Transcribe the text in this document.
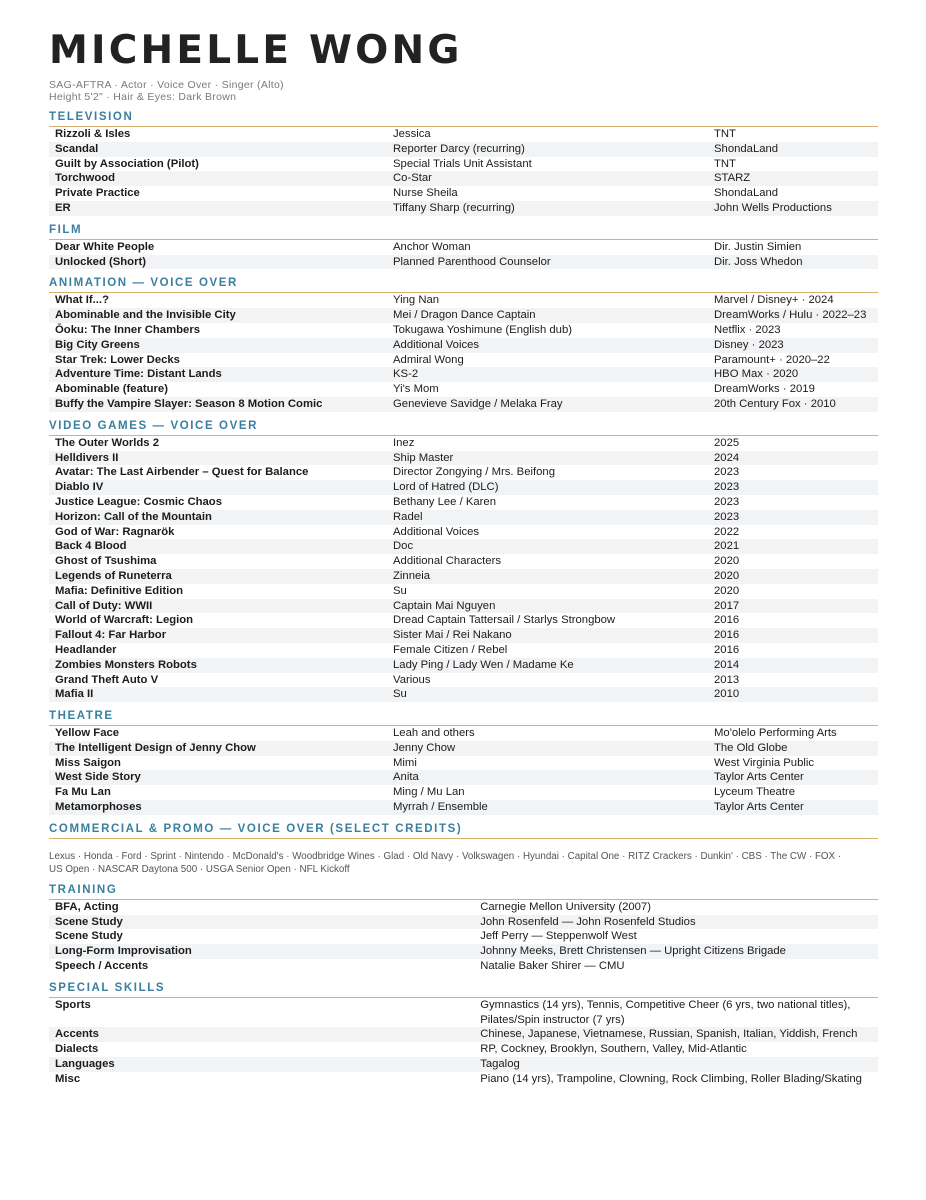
MICHELLE WONG
SAG-AFTRA · Actor · Voice Over · Singer (Alto)
Height 5'2" · Hair & Eyes: Dark Brown
TELEVISION
Rizzoli & Isles	Jessica	TNT
Scandal	Reporter Darcy (recurring)	ShondaLand
Guilt by Association (Pilot)	Special Trials Unit Assistant	TNT
Torchwood	Co-Star	STARZ
Private Practice	Nurse Sheila	ShondaLand
ER	Tiffany Sharp (recurring)	John Wells Productions
FILM
Dear White People	Anchor Woman	Dir. Justin Simien
Unlocked (Short)	Planned Parenthood Counselor	Dir. Joss Whedon
ANIMATION — VOICE OVER
What If...?	Ying Nan	Marvel / Disney+ · 2024
Abominable and the Invisible City	Mei / Dragon Dance Captain	DreamWorks / Hulu · 2022–23
Ōoku: The Inner Chambers	Tokugawa Yoshimune (English dub)	Netflix · 2023
Big City Greens	Additional Voices	Disney · 2023
Star Trek: Lower Decks	Admiral Wong	Paramount+ · 2020–22
Adventure Time: Distant Lands	KS-2	HBO Max · 2020
Abominable (feature)	Yi's Mom	DreamWorks · 2019
Buffy the Vampire Slayer: Season 8 Motion Comic	Genevieve Savidge / Melaka Fray	20th Century Fox · 2010
VIDEO GAMES — VOICE OVER
The Outer Worlds 2	Inez	2025
Helldivers II	Ship Master	2024
Avatar: The Last Airbender – Quest for Balance	Director Zongying / Mrs. Beifong	2023
Diablo IV	Lord of Hatred (DLC)	2023
Justice League: Cosmic Chaos	Bethany Lee / Karen	2023
Horizon: Call of the Mountain	Radel	2023
God of War: Ragnarök	Additional Voices	2022
Back 4 Blood	Doc	2021
Ghost of Tsushima	Additional Characters	2020
Legends of Runeterra	Zinneia	2020
Mafia: Definitive Edition	Su	2020
Call of Duty: WWII	Captain Mai Nguyen	2017
World of Warcraft: Legion	Dread Captain Tattersail / Starlys Strongbow	2016
Fallout 4: Far Harbor	Sister Mai / Rei Nakano	2016
Headlander	Female Citizen / Rebel	2016
Zombies Monsters Robots	Lady Ping / Lady Wen / Madame Ke	2014
Grand Theft Auto V	Various	2013
Mafia II	Su	2010
THEATRE
Yellow Face	Leah and others	Mo'olelo Performing Arts
The Intelligent Design of Jenny Chow	Jenny Chow	The Old Globe
Miss Saigon	Mimi	West Virginia Public
West Side Story	Anita	Taylor Arts Center
Fa Mu Lan	Ming / Mu Lan	Lyceum Theatre
Metamorphoses	Myrrah / Ensemble	Taylor Arts Center
COMMERCIAL & PROMO — VOICE OVER (SELECT CREDITS)
Lexus · Honda · Ford · Sprint · Nintendo · McDonald's · Woodbridge Wines · Glad · Old Navy · Volkswagen · Hyundai · Capital One · RITZ Crackers · Dunkin' · CBS · The CW · FOX · US Open · NASCAR Daytona 500 · USGA Senior Open · NFL Kickoff
TRAINING
BFA, Acting	Carnegie Mellon University (2007)
Scene Study	John Rosenfeld — John Rosenfeld Studios
Scene Study	Jeff Perry — Steppenwolf West
Long-Form Improvisation	Johnny Meeks, Brett Christensen — Upright Citizens Brigade
Speech / Accents	Natalie Baker Shirer — CMU
SPECIAL SKILLS
Sports	Gymnastics (14 yrs), Tennis, Competitive Cheer (6 yrs, two national titles), Pilates/Spin instructor (7 yrs)
Accents	Chinese, Japanese, Vietnamese, Russian, Spanish, Italian, Yiddish, French
Dialects	RP, Cockney, Brooklyn, Southern, Valley, Mid-Atlantic
Languages	Tagalog
Misc	Piano (14 yrs), Trampoline, Clowning, Rock Climbing, Roller Blading/Skating
